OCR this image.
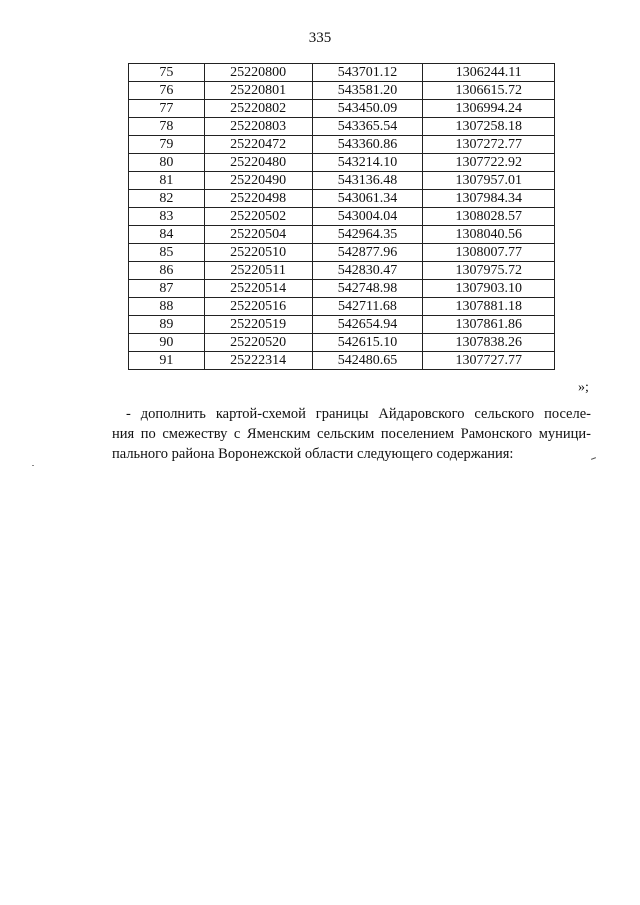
335
75	25220800	543701.12	1306244.11
76	25220801	543581.20	1306615.72
77	25220802	543450.09	1306994.24
78	25220803	543365.54	1307258.18
79	25220472	543360.86	1307272.77
80	25220480	543214.10	1307722.92
81	25220490	543136.48	1307957.01
82	25220498	543061.34	1307984.34
83	25220502	543004.04	1308028.57
84	25220504	542964.35	1308040.56
85	25220510	542877.96	1308007.77
86	25220511	542830.47	1307975.72
87	25220514	542748.98	1307903.10
88	25220516	542711.68	1307881.18
89	25220519	542654.94	1307861.86
90	25220520	542615.10	1307838.26
91	25222314	542480.65	1307727.77
»;
- дополнить картой-схемой границы Айдаровского сельского поселе-
ния по смежеству с Яменским сельским поселением Рамонского муници-
пального района Воронежской области следующего содержания:
